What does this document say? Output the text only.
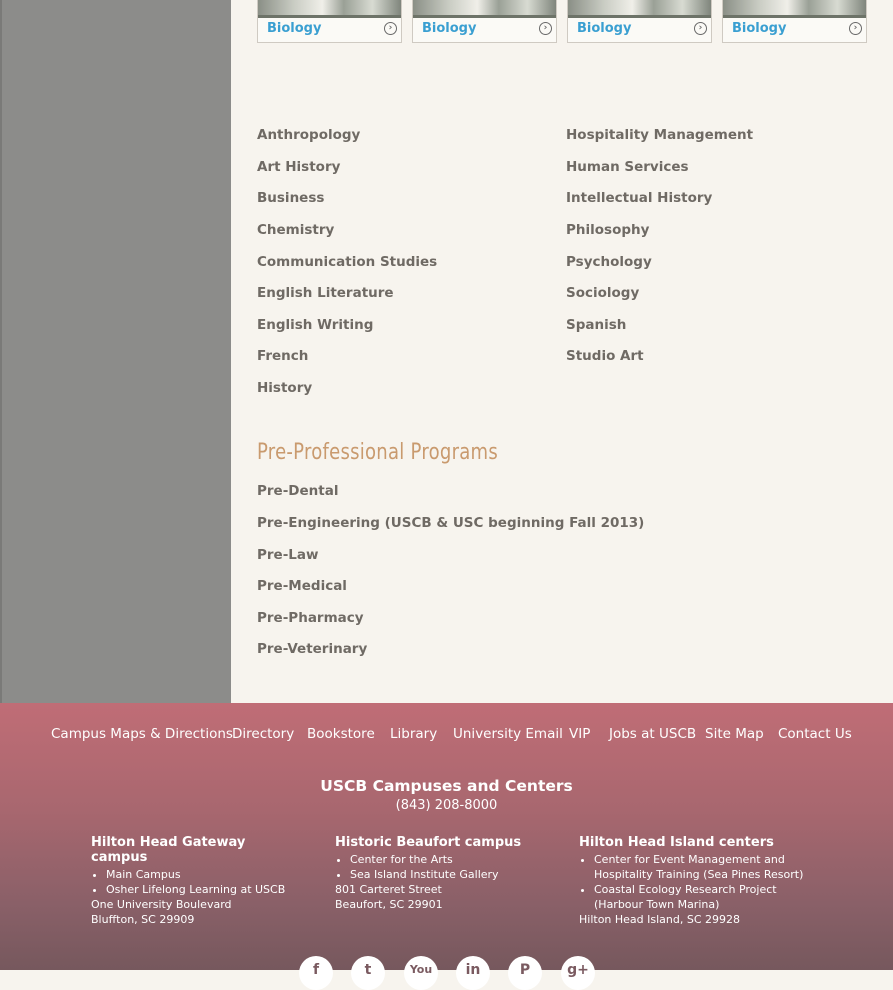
Biology	›	Biology	›	Biology	›	Biology	›
Anthropology
Art History
Business
Chemistry
Communication Studies
English Literature
English Writing
French
History
Hospitality Management
Human Services
Intellectual History
Philosophy
Psychology
Sociology
Spanish
Studio Art
Pre-Professional Programs
Pre-Dental
Pre-Engineering (USCB & USC beginning Fall 2013)
Pre-Law
Pre-Medical
Pre-Pharmacy
Pre-Veterinary
Campus Maps & Directions Directory Bookstore Library University Email VIP Jobs at USCB Site Map Contact Us
USCB Campuses and Centers
(843) 208-8000
Hilton Head Gateway campus
• Main Campus
• Osher Lifelong Learning at USCB
One University Boulevard
Bluffton, SC 29909
Historic Beaufort campus
• Center for the Arts
• Sea Island Institute Gallery
801 Carteret Street
Beaufort, SC 29901
Hilton Head Island centers
• Center for Event Management and Hospitality Training (Sea Pines Resort)
• Coastal Ecology Research Project (Harbour Town Marina)
Hilton Head Island, SC 29928
f	t	You	in	P	g+
